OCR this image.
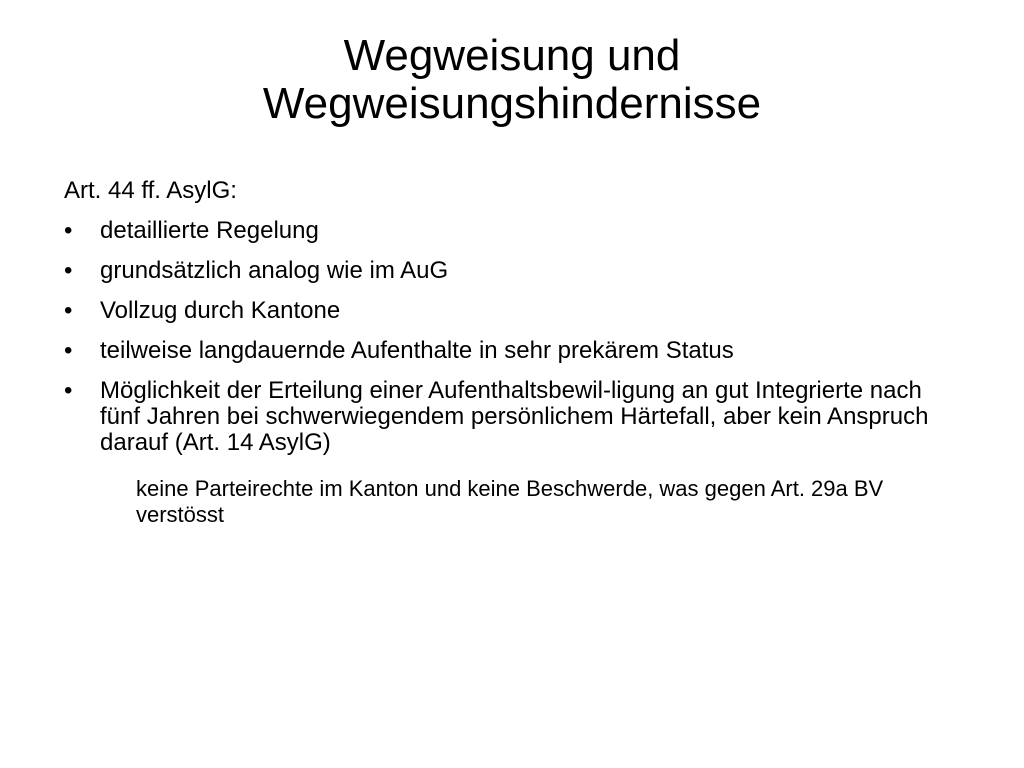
Wegweisung und
Wegweisungshindernisse

Art. 44 ff. AsylG:

•	detaillierte Regelung
•	grundsätzlich analog wie im AuG
•	Vollzug durch Kantone
•	teilweise langdauernde Aufenthalte in sehr prekärem Status
•	Möglichkeit der Erteilung einer Aufenthaltsbewil-ligung an gut Integrierte nach fünf Jahren bei schwerwiegendem persönlichem Härtefall, aber kein Anspruch darauf (Art. 14 AsylG)

keine Parteirechte im Kanton und keine Beschwerde, was gegen Art. 29a BV verstösst
